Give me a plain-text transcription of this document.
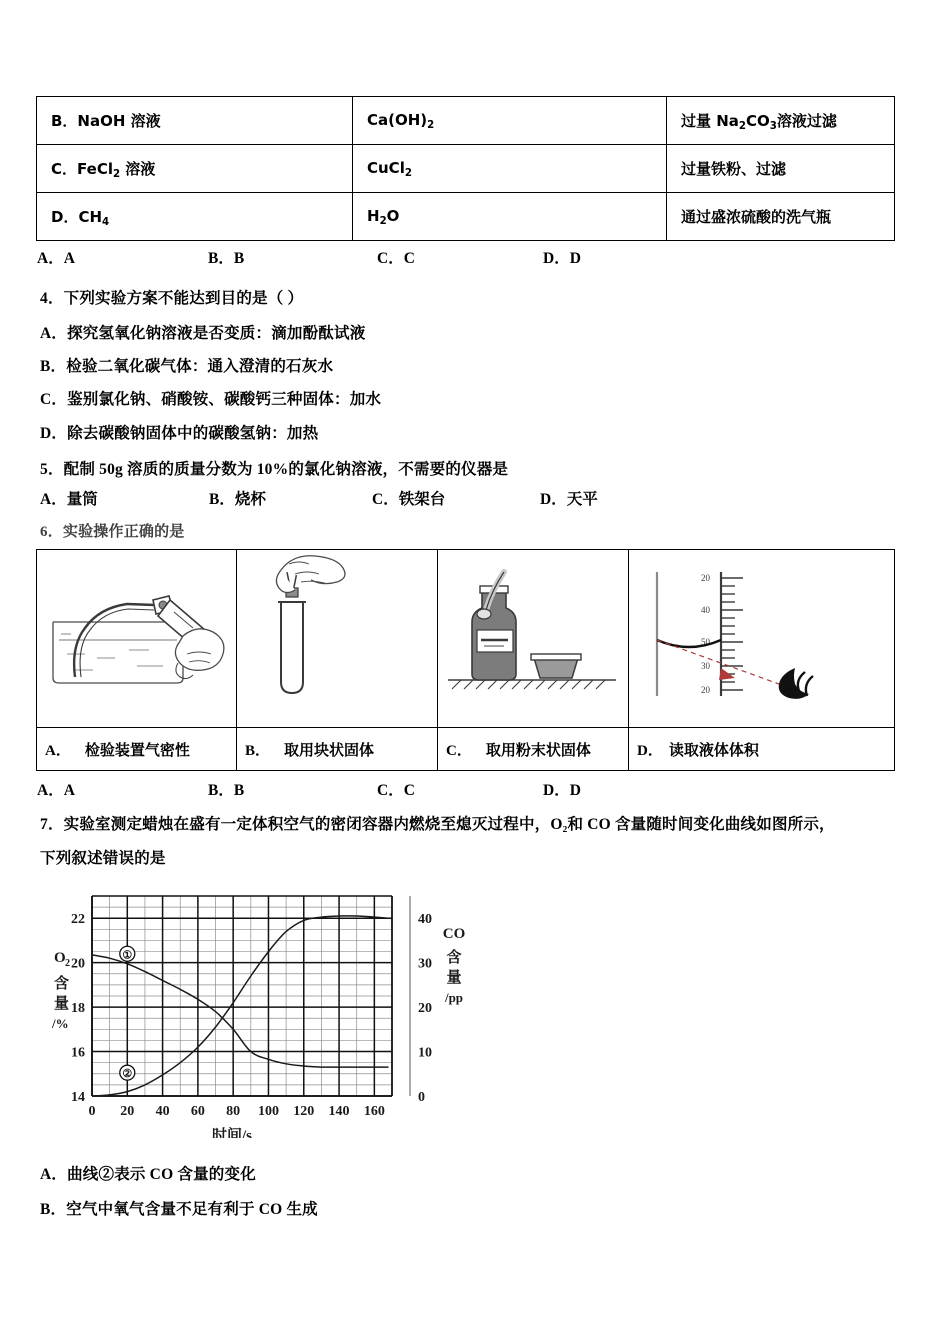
B．NaOH 溶液	$Ca(OH)_2$	过量 $Na_2CO_3$溶液过滤
C．FeCl$_2$ 溶液	CuCl$_2$	过量铁粉、过滤
D．$CH_4$	$H_2O$	通过盛浓硫酸的洗气瓶
A．A	B．B	C．C	D．D
4．下列实验方案不能达到目的是（ ）
A．探究氢氧化钠溶液是否变质：滴加酚酞试液
B．检验二氧化碳气体：通入澄清的石灰水
C．鉴别氯化钠、硝酸铵、碳酸钙三种固体：加水
D．除去碳酸钠固体中的碳酸氢钠：加热
5．配制 50g 溶质的质量分数为 10%的氯化钠溶液，不需要的仪器是
A．量筒	B．烧杯	C．铁架台	D．天平
6．实验操作正确的是

20
40
50
30
20

A． 检验装置气密性	B． 取用块状固体	C． 取用粉末状固体	D． 读取液体体积
A．A	B．B	C．C	D．D
7．实验室测定蜡烛在盛有一定体积空气的密闭容器内燃烧至熄灭过程中，O₂和 CO 含量随时间变化曲线如图所示，
下列叙述错误的是
14
16
18
20
22
0 20 40 60 80 100 120 140 160
0
10
20
30
40
①
②
O 2
含
量
/%
CO
含
量
/pp
时间/s
A．曲线②表示 CO 含量的变化
B．空气中氧气含量不足有利于 CO 生成
